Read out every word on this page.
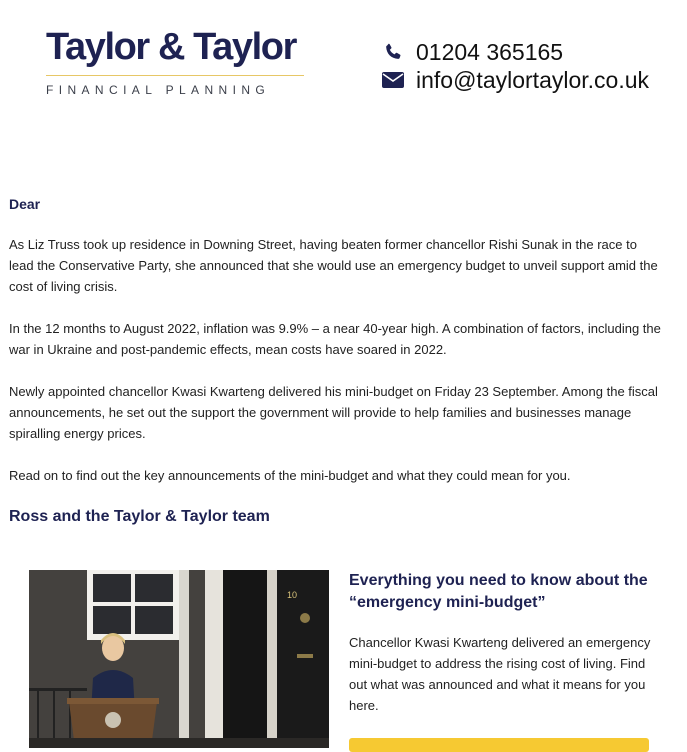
Taylor & Taylor
FINANCIAL PLANNING
01204 365165
info@taylortaylor.co.uk

Dear

As Liz Truss took up residence in Downing Street, having beaten former chancellor Rishi Sunak in the race to lead the Conservative Party, she announced that she would use an emergency budget to unveil support amid the cost of living crisis.

In the 12 months to August 2022, inflation was 9.9% – a near 40-year high. A combination of factors, including the war in Ukraine and post-pandemic effects, mean costs have soared in 2022.

Newly appointed chancellor Kwasi Kwarteng delivered his mini-budget on Friday 23 September. Among the fiscal announcements, he set out the support the government will provide to help families and businesses manage spiralling energy prices.

Read on to find out the key announcements of the mini-budget and what they could mean for you.

Ross and the Taylor & Taylor team

10

Everything you need to know about the “emergency mini-budget”

Chancellor Kwasi Kwarteng delivered an emergency mini-budget to address the rising cost of living. Find out what was announced and what it means for you here.
